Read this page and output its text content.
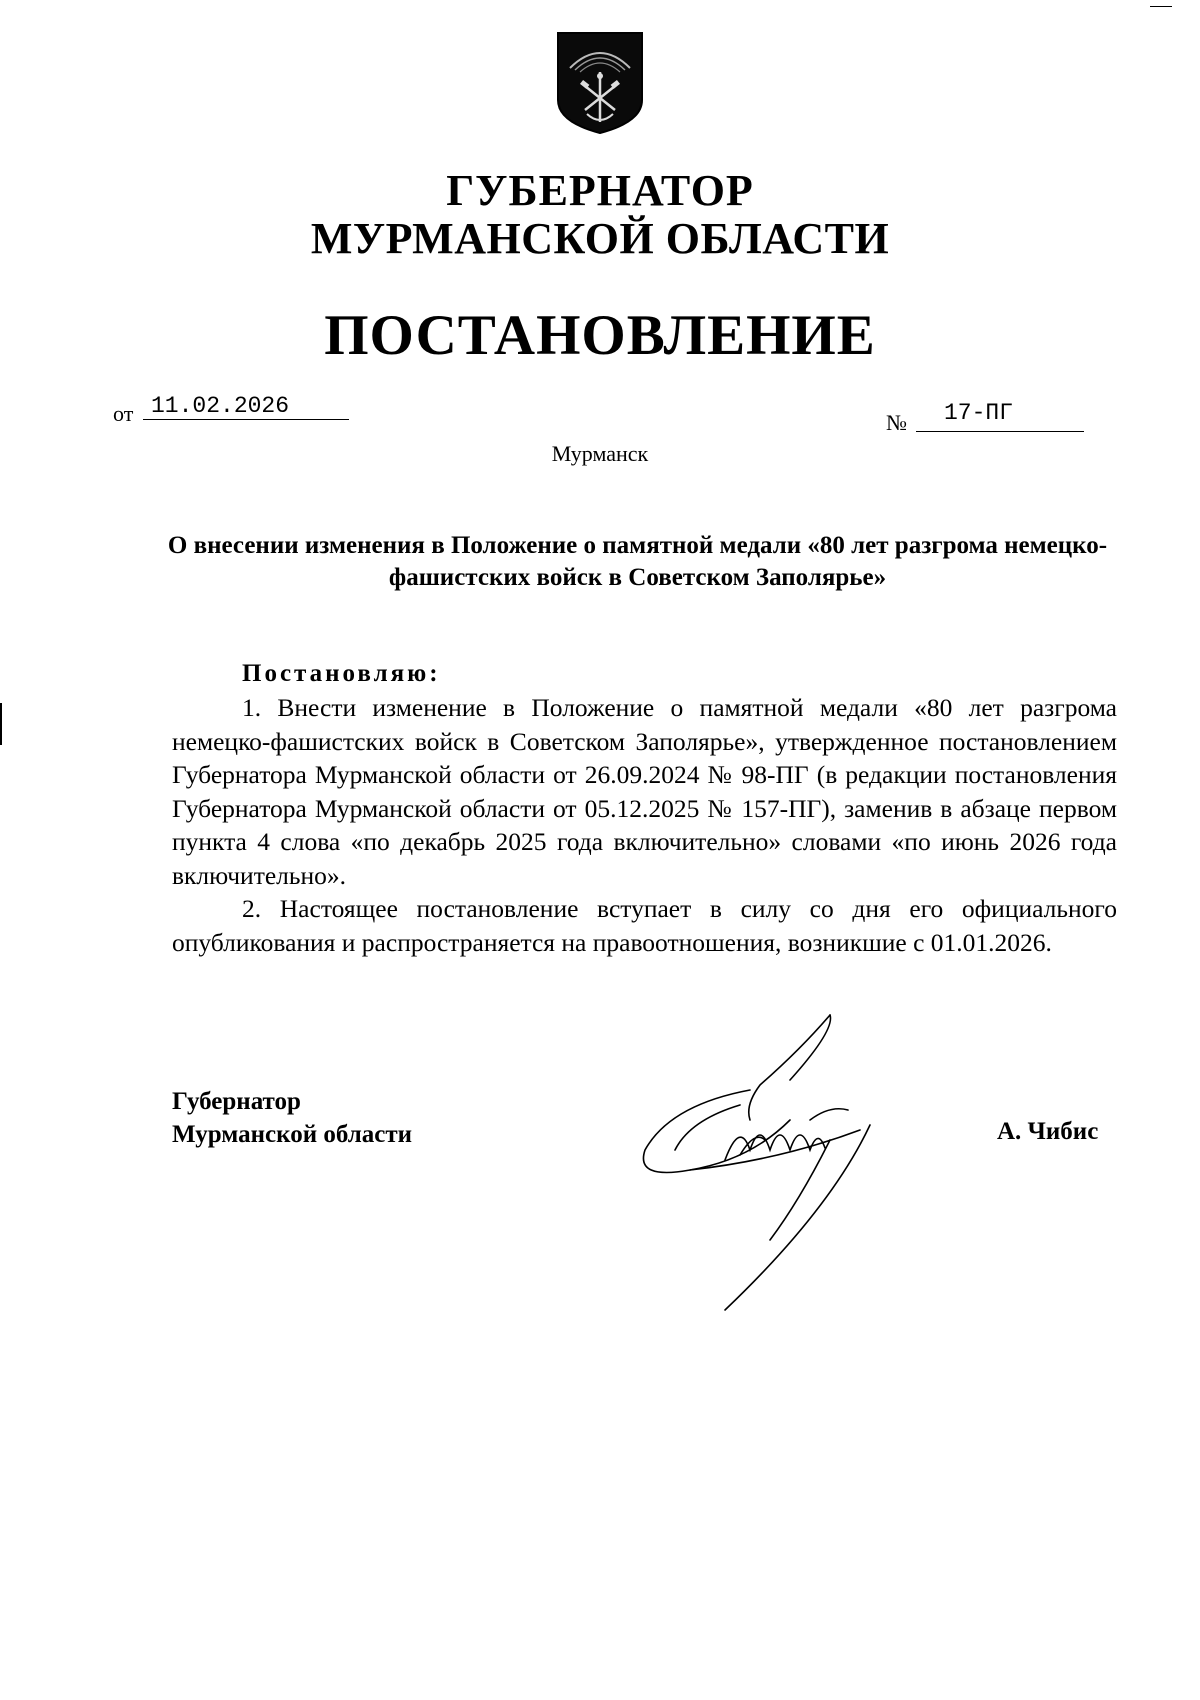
ГУБЕРНАТОР
МУРМАНСКОЙ ОБЛАСТИ
ПОСТАНОВЛЕНИЕ
от 11.02.2026
№	17-ПГ
Мурманск
О внесении изменения в Положение о памятной медали «80 лет разгрома немецко-фашистских войск в Советском Заполярье»
Постановляю:

1. Внести изменение в Положение о памятной медали «80 лет разгрома немецко-фашистских войск в Советском Заполярье», утвержденное постановлением Губернатора Мурманской области от 26.09.2024 № 98-ПГ (в редакции постановления Губернатора Мурманской области от 05.12.2025 № 157-ПГ), заменив в абзаце первом пункта 4 слова «по декабрь 2025 года включительно» словами «по июнь 2026 года включительно».

2. Настоящее постановление вступает в силу со дня его официального опубликования и распространяется на правоотношения, возникшие с 01.01.2026.

Губернатор
Мурманской области	А. Чибис
